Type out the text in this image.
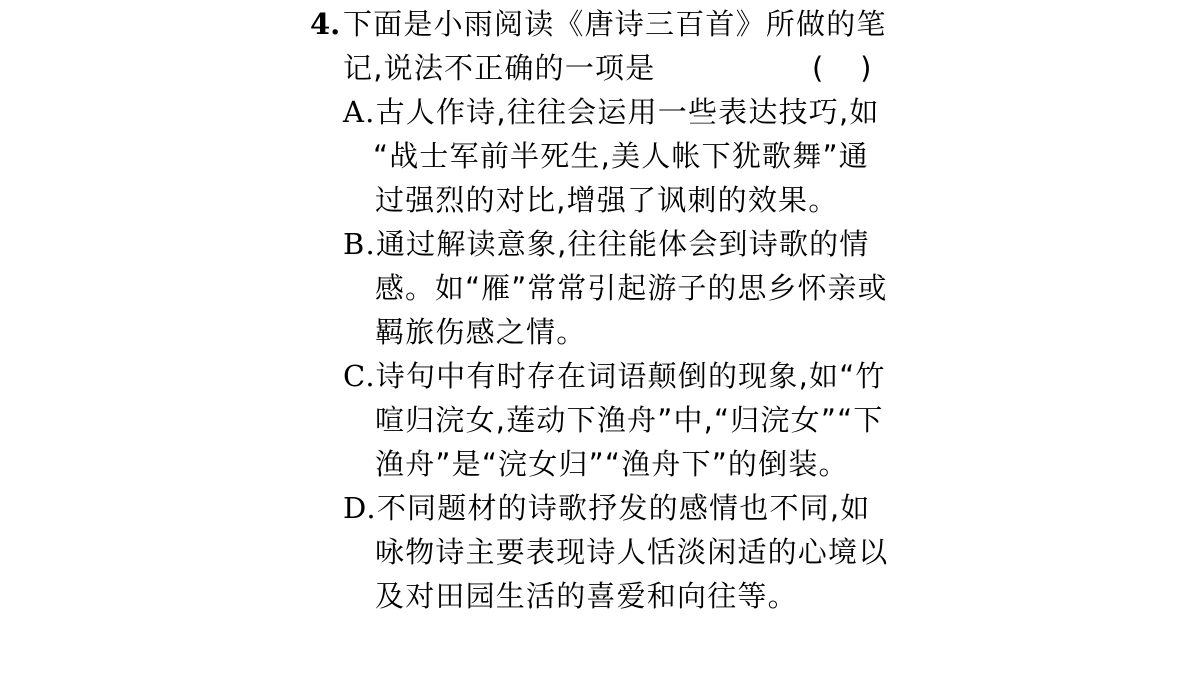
4. 下面是小雨阅读《唐诗三百首》所做的笔
记,说法不正确的一项是	(    )
A.古人作诗,往往会运用一些表达技巧,如
“战士军前半死生,美人帐下犹歌舞”通
过强烈的对比,增强了讽刺的效果。
B.通过解读意象,往往能体会到诗歌的情
感。如“雁”常常引起游子的思乡怀亲或
羁旅伤感之情。
C.诗句中有时存在词语颠倒的现象,如“竹
喧归浣女,莲动下渔舟”中,“归浣女”“下
渔舟”是“浣女归”“渔舟下”的倒装。
D.不同题材的诗歌抒发的感情也不同,如
咏物诗主要表现诗人恬淡闲适的心境以
及对田园生活的喜爱和向往等。
